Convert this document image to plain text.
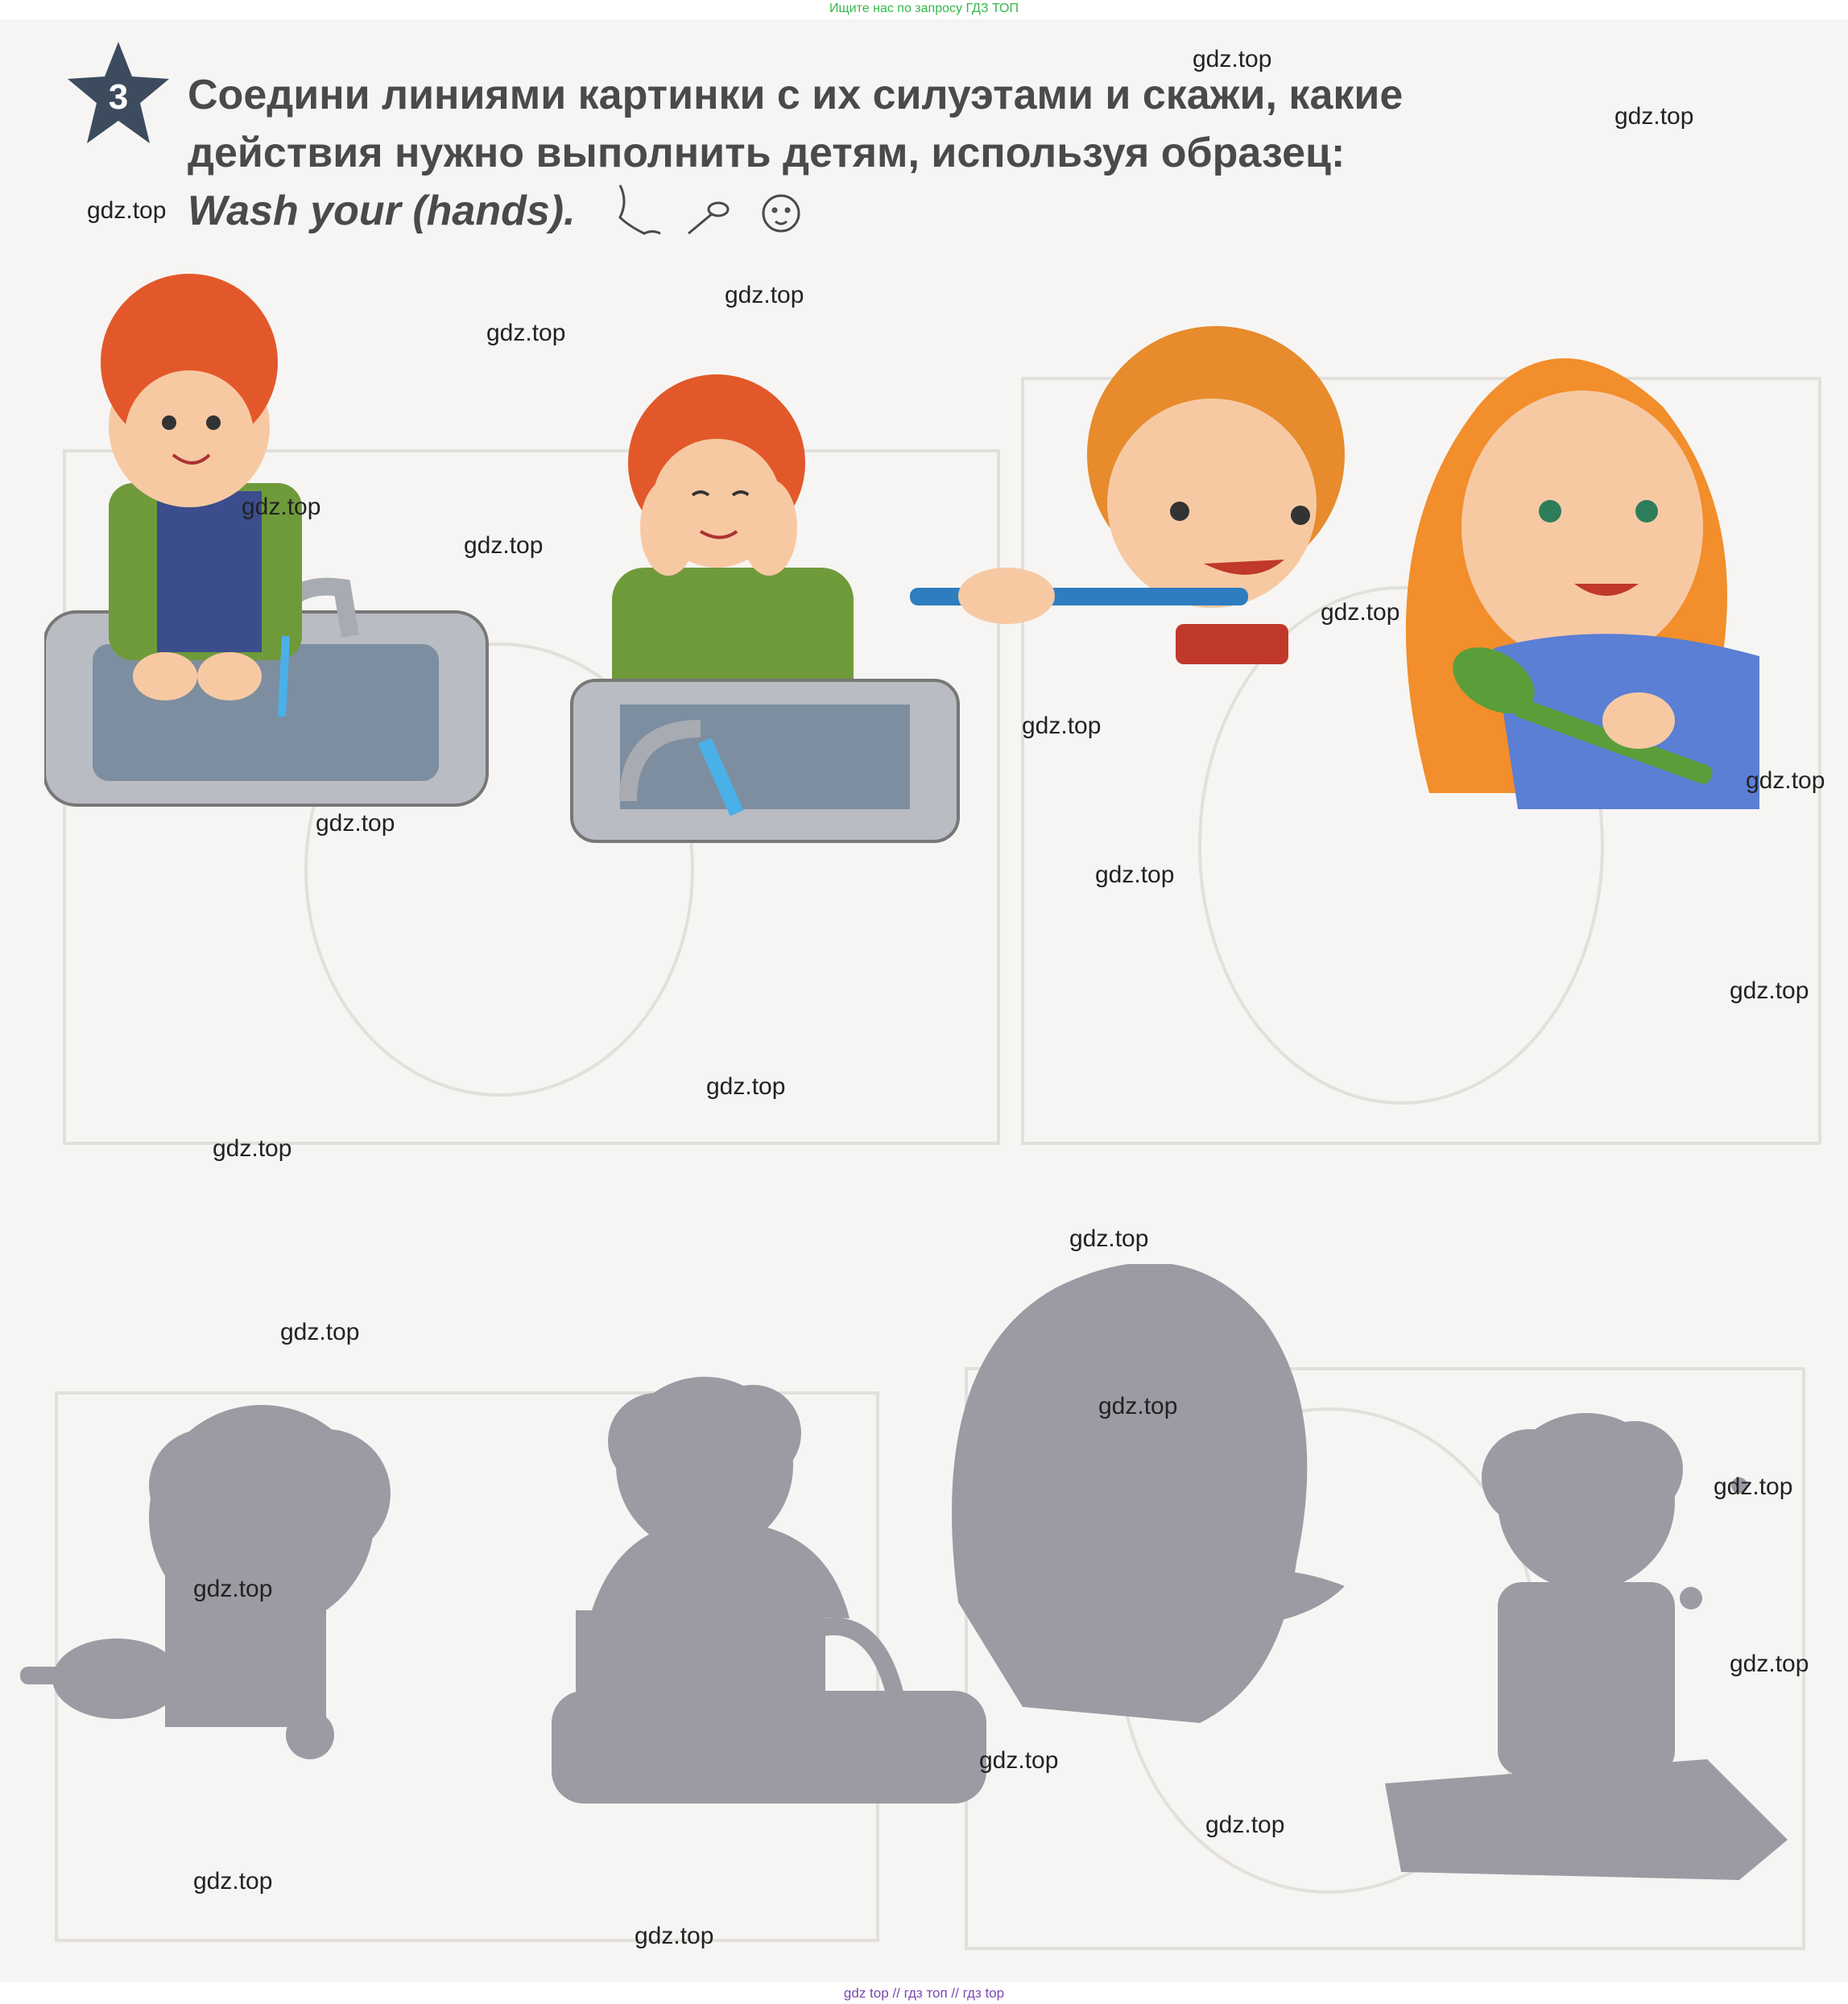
Ищите нас по запросу ГДЗ ТОП
3 Соедини линиями картинки с их силуэтами и скажи, какие
действия нужно выполнить детям, используя образец:
Wash your (hands).
gdz.top
gdz.top
gdz.top
gdz.top
gdz.top
gdz.top
gdz.top
gdz.top
gdz.top
gdz.top
gdz.top
gdz.top
gdz.top
gdz.top
gdz.top
gdz.top
gdz.top
gdz.top
gdz.top
gdz.top
gdz.top
gdz.top
gdz.top
gdz.top
gdz.top
gdz top // гдз топ // гдз top
